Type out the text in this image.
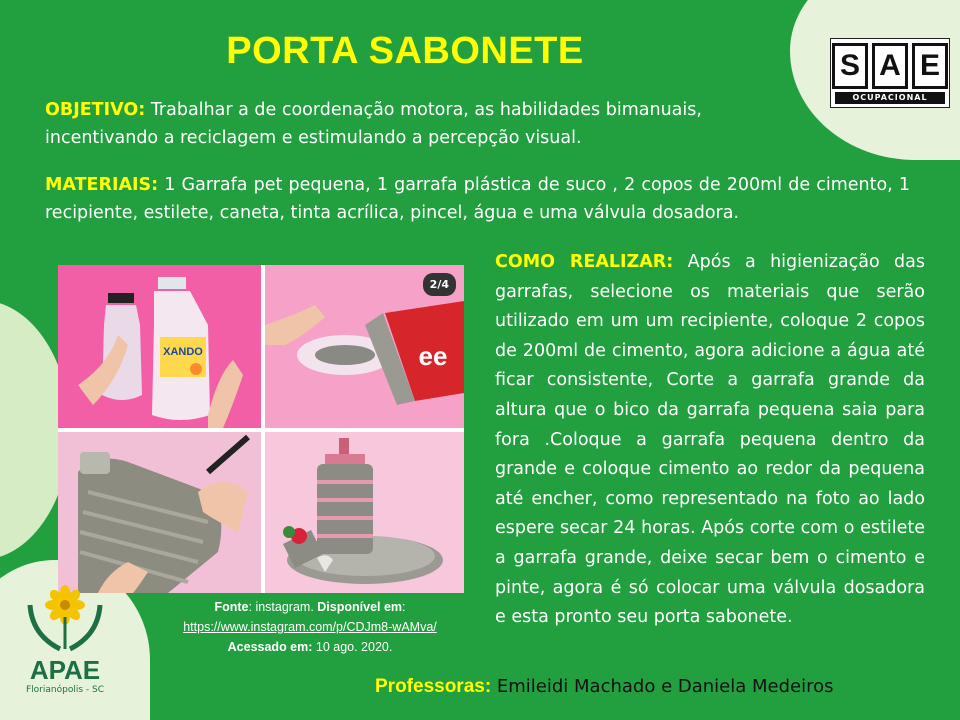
PORTA SABONETE

OBJETIVO: Trabalhar a de coordenação motora, as habilidades bimanuais, incentivando a reciclagem e estimulando a percepção visual.

MATERIAIS: 1 Garrafa pet pequena, 1 garrafa plástica de suco , 2 copos de 200ml de cimento, 1 recipiente, estilete, caneta, tinta acrílica, pincel, água e uma válvula dosadora.

COMO REALIZAR: Após a higienização das garrafas, selecione os materiais que serão utilizado em um um recipiente, coloque 2 copos de 200ml de cimento, agora adicione a água até ficar consistente, Corte a garrafa grande da altura que o bico da garrafa pequena saia para fora .Coloque a garrafa pequena dentro da grande e coloque cimento ao redor da pequena até encher, como representado na foto ao lado espere secar 24 horas. Após corte com o estilete a garrafa grande, deixe secar bem o cimento e pinte, agora é só colocar uma válvula dosadora e esta pronto seu porta sabonete.

XANDO	ee
2/4
S A E
OCUPACIONAL
APAE
Florianópolis - SC
Fonte: instagram. Disponível em: https://www.instagram.com/p/CDJm8-wAMva/ Acessado em: 10 ago. 2020.
Professoras: Emileidi Machado e Daniela Medeiros
